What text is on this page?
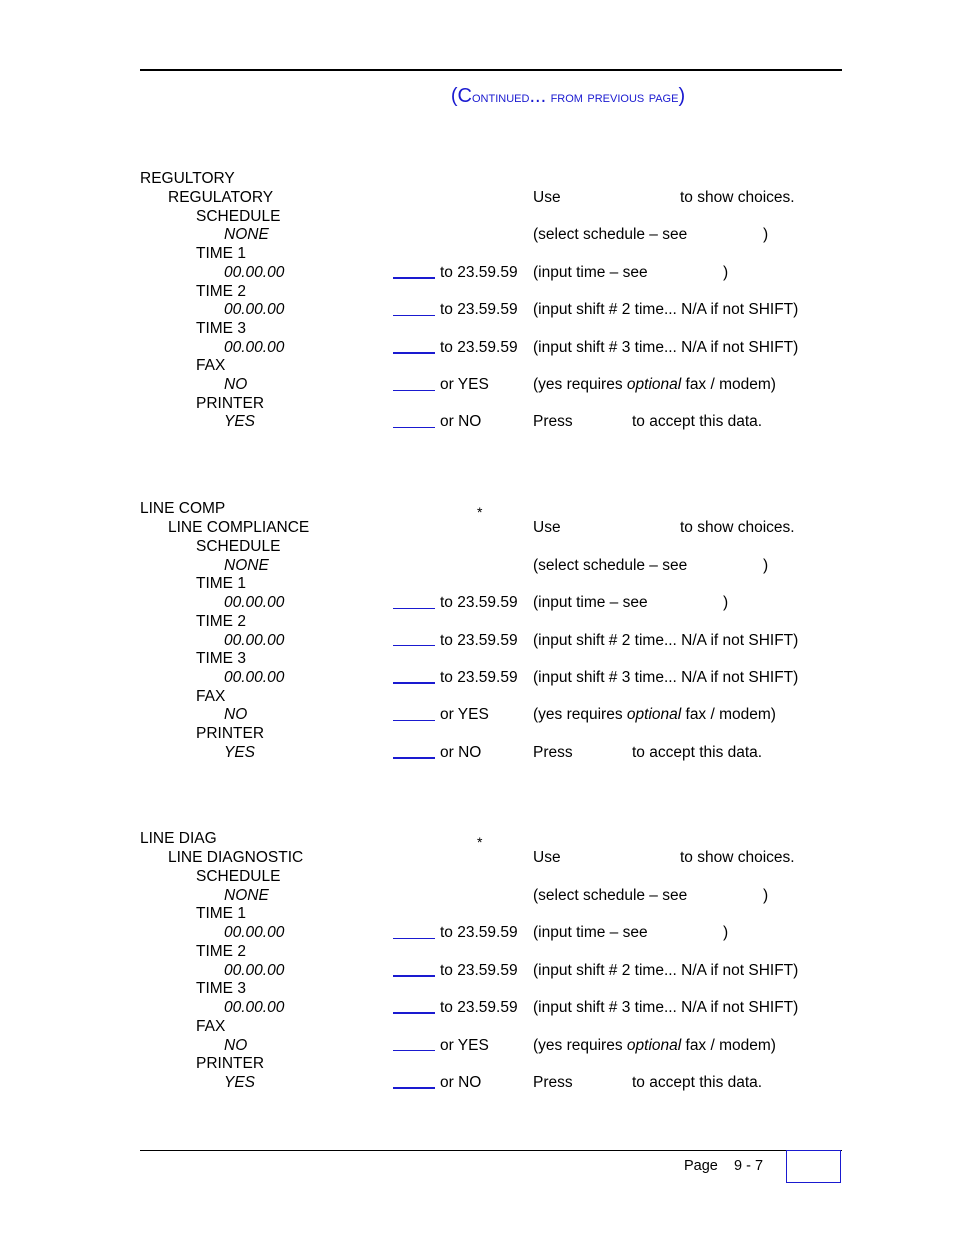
(Continued... from previous page)
REGULTORY
REGULATORY	Use	to show choices.
SCHEDULE
NONE	(select schedule – see	)
TIME 1
00.00.00	to 23.59.59 (input time – see	)
TIME 2
00.00.00	to 23.59.59 (input shift # 2 time... N/A if not SHIFT)
TIME 3
00.00.00	to 23.59.59 (input shift # 3 time... N/A if not SHIFT)
FAX
NO	or YES	(yes requires optional fax / modem)
PRINTER
YES	or NO	Press	to accept this data.
LINE COMP	*
LINE COMPLIANCE	Use	to show choices.
SCHEDULE
NONE	(select schedule – see	)
TIME 1
00.00.00	to 23.59.59 (input time – see	)
TIME 2
00.00.00	to 23.59.59 (input shift # 2 time... N/A if not SHIFT)
TIME 3
00.00.00	to 23.59.59 (input shift # 3 time... N/A if not SHIFT)
FAX
NO	or YES	(yes requires optional fax / modem)
PRINTER
YES	or NO	Press	to accept this data.
LINE DIAG	*
LINE DIAGNOSTIC	Use	to show choices.
SCHEDULE
NONE	(select schedule – see	)
TIME 1
00.00.00	to 23.59.59 (input time – see	)
TIME 2
00.00.00	to 23.59.59 (input shift # 2 time... N/A if not SHIFT)
TIME 3
00.00.00	to 23.59.59 (input shift # 3 time... N/A if not SHIFT)
FAX
NO	or YES	(yes requires optional fax / modem)
PRINTER
YES	or NO	Press	to accept this data.
Page 9 - 7
